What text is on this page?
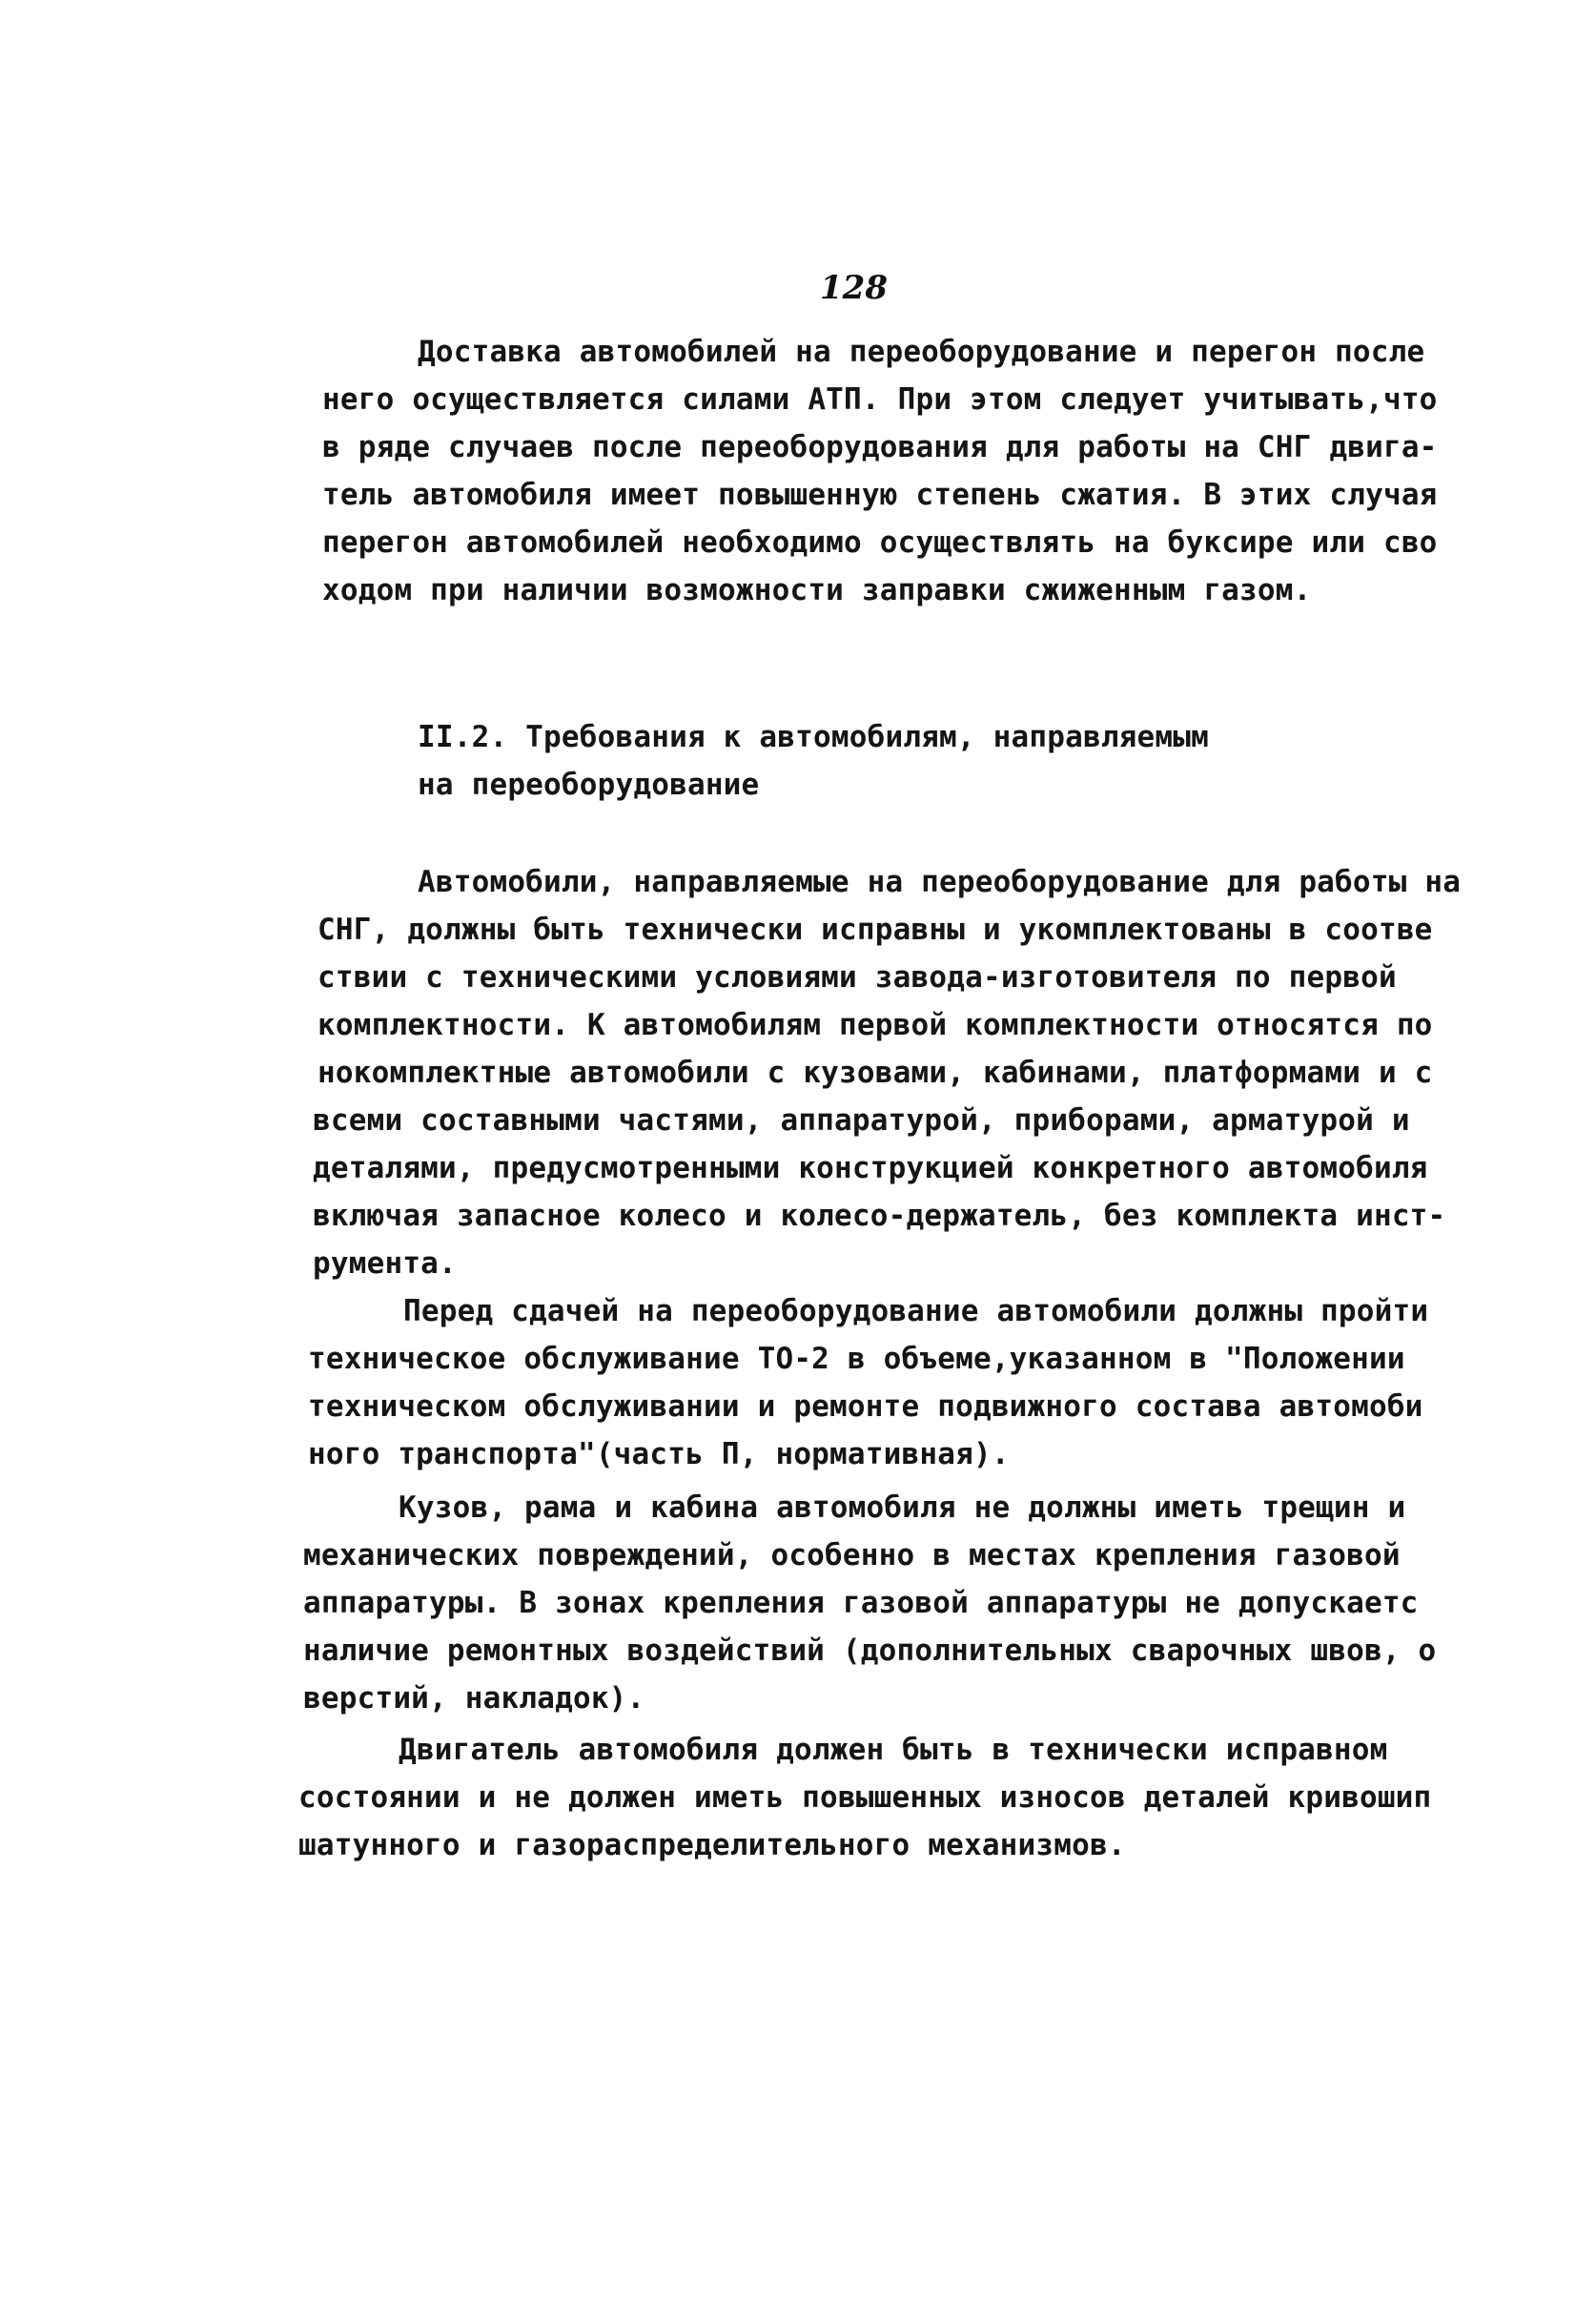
128
Доставка автомобилей на переоборудование и перегон после
него осуществляется силами АТП. При этом следует учитывать,что
в ряде случаев после переоборудования для работы на СНГ двига-
тель автомобиля имеет повышенную степень сжатия. В этих случая
перегон автомобилей необходимо осуществлять на буксире или сво
ходом при наличии возможности заправки сжиженным газом.
II.2. Требования к автомобилям, направляемым
на переоборудование
Автомобили, направляемые на переоборудование для работы на
СНГ, должны быть технически исправны и укомплектованы в соотве
ствии с техническими условиями завода-изготовителя по первой
комплектности. К автомобилям первой комплектности относятся по
нокомплектные автомобили с кузовами, кабинами, платформами и с
всеми составными частями, аппаратурой, приборами, арматурой и
деталями, предусмотренными конструкцией конкретного автомобиля
включая запасное колесо и колесо-держатель, без комплекта инст-
румента.
Перед сдачей на переоборудование автомобили должны пройти
техническое обслуживание ТО-2 в объеме,указанном в "Положении
техническом обслуживании и ремонте подвижного состава автомоби
ного транспорта"(часть П, нормативная).
Кузов, рама и кабина автомобиля не должны иметь трещин и
механических повреждений, особенно в местах крепления газовой
аппаратуры. В зонах крепления газовой аппаратуры не допускаетс
наличие ремонтных воздействий (дополнительных сварочных швов, о
верстий, накладок).
Двигатель автомобиля должен быть в технически исправном
состоянии и не должен иметь повышенных износов деталей кривошип
шатунного и газораспределительного механизмов.
